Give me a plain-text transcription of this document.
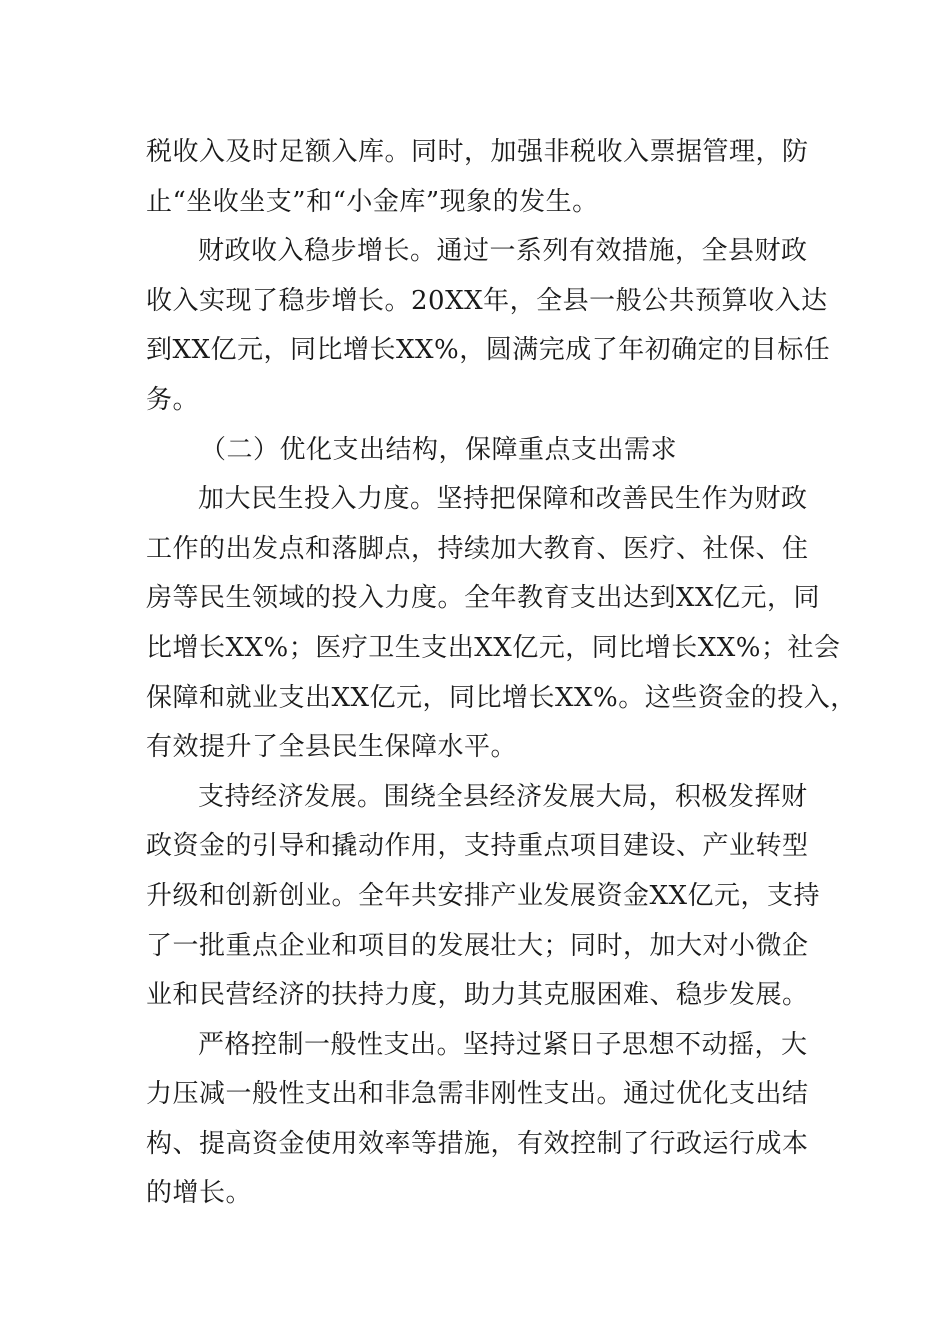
税收入及时足额入库。同时，加强非税收入票据管理，防
止“坐收坐支”和“小金库”现象的发生。
财政收入稳步增长。通过一系列有效措施，全县财政
收入实现了稳步增长。20XX年，全县一般公共预算收入达
到XX亿元，同比增长XX%，圆满完成了年初确定的目标任
务。
（二）优化支出结构，保障重点支出需求
加大民生投入力度。坚持把保障和改善民生作为财政
工作的出发点和落脚点，持续加大教育、医疗、社保、住
房等民生领域的投入力度。全年教育支出达到XX亿元，同
比增长XX%；医疗卫生支出XX亿元，同比增长XX%；社会
保障和就业支出XX亿元，同比增长XX%。这些资金的投入，
有效提升了全县民生保障水平。
支持经济发展。围绕全县经济发展大局，积极发挥财
政资金的引导和撬动作用，支持重点项目建设、产业转型
升级和创新创业。全年共安排产业发展资金XX亿元，支持
了一批重点企业和项目的发展壮大；同时，加大对小微企
业和民营经济的扶持力度，助力其克服困难、稳步发展。
严格控制一般性支出。坚持过紧日子思想不动摇，大
力压减一般性支出和非急需非刚性支出。通过优化支出结
构、提高资金使用效率等措施，有效控制了行政运行成本
的增长。
